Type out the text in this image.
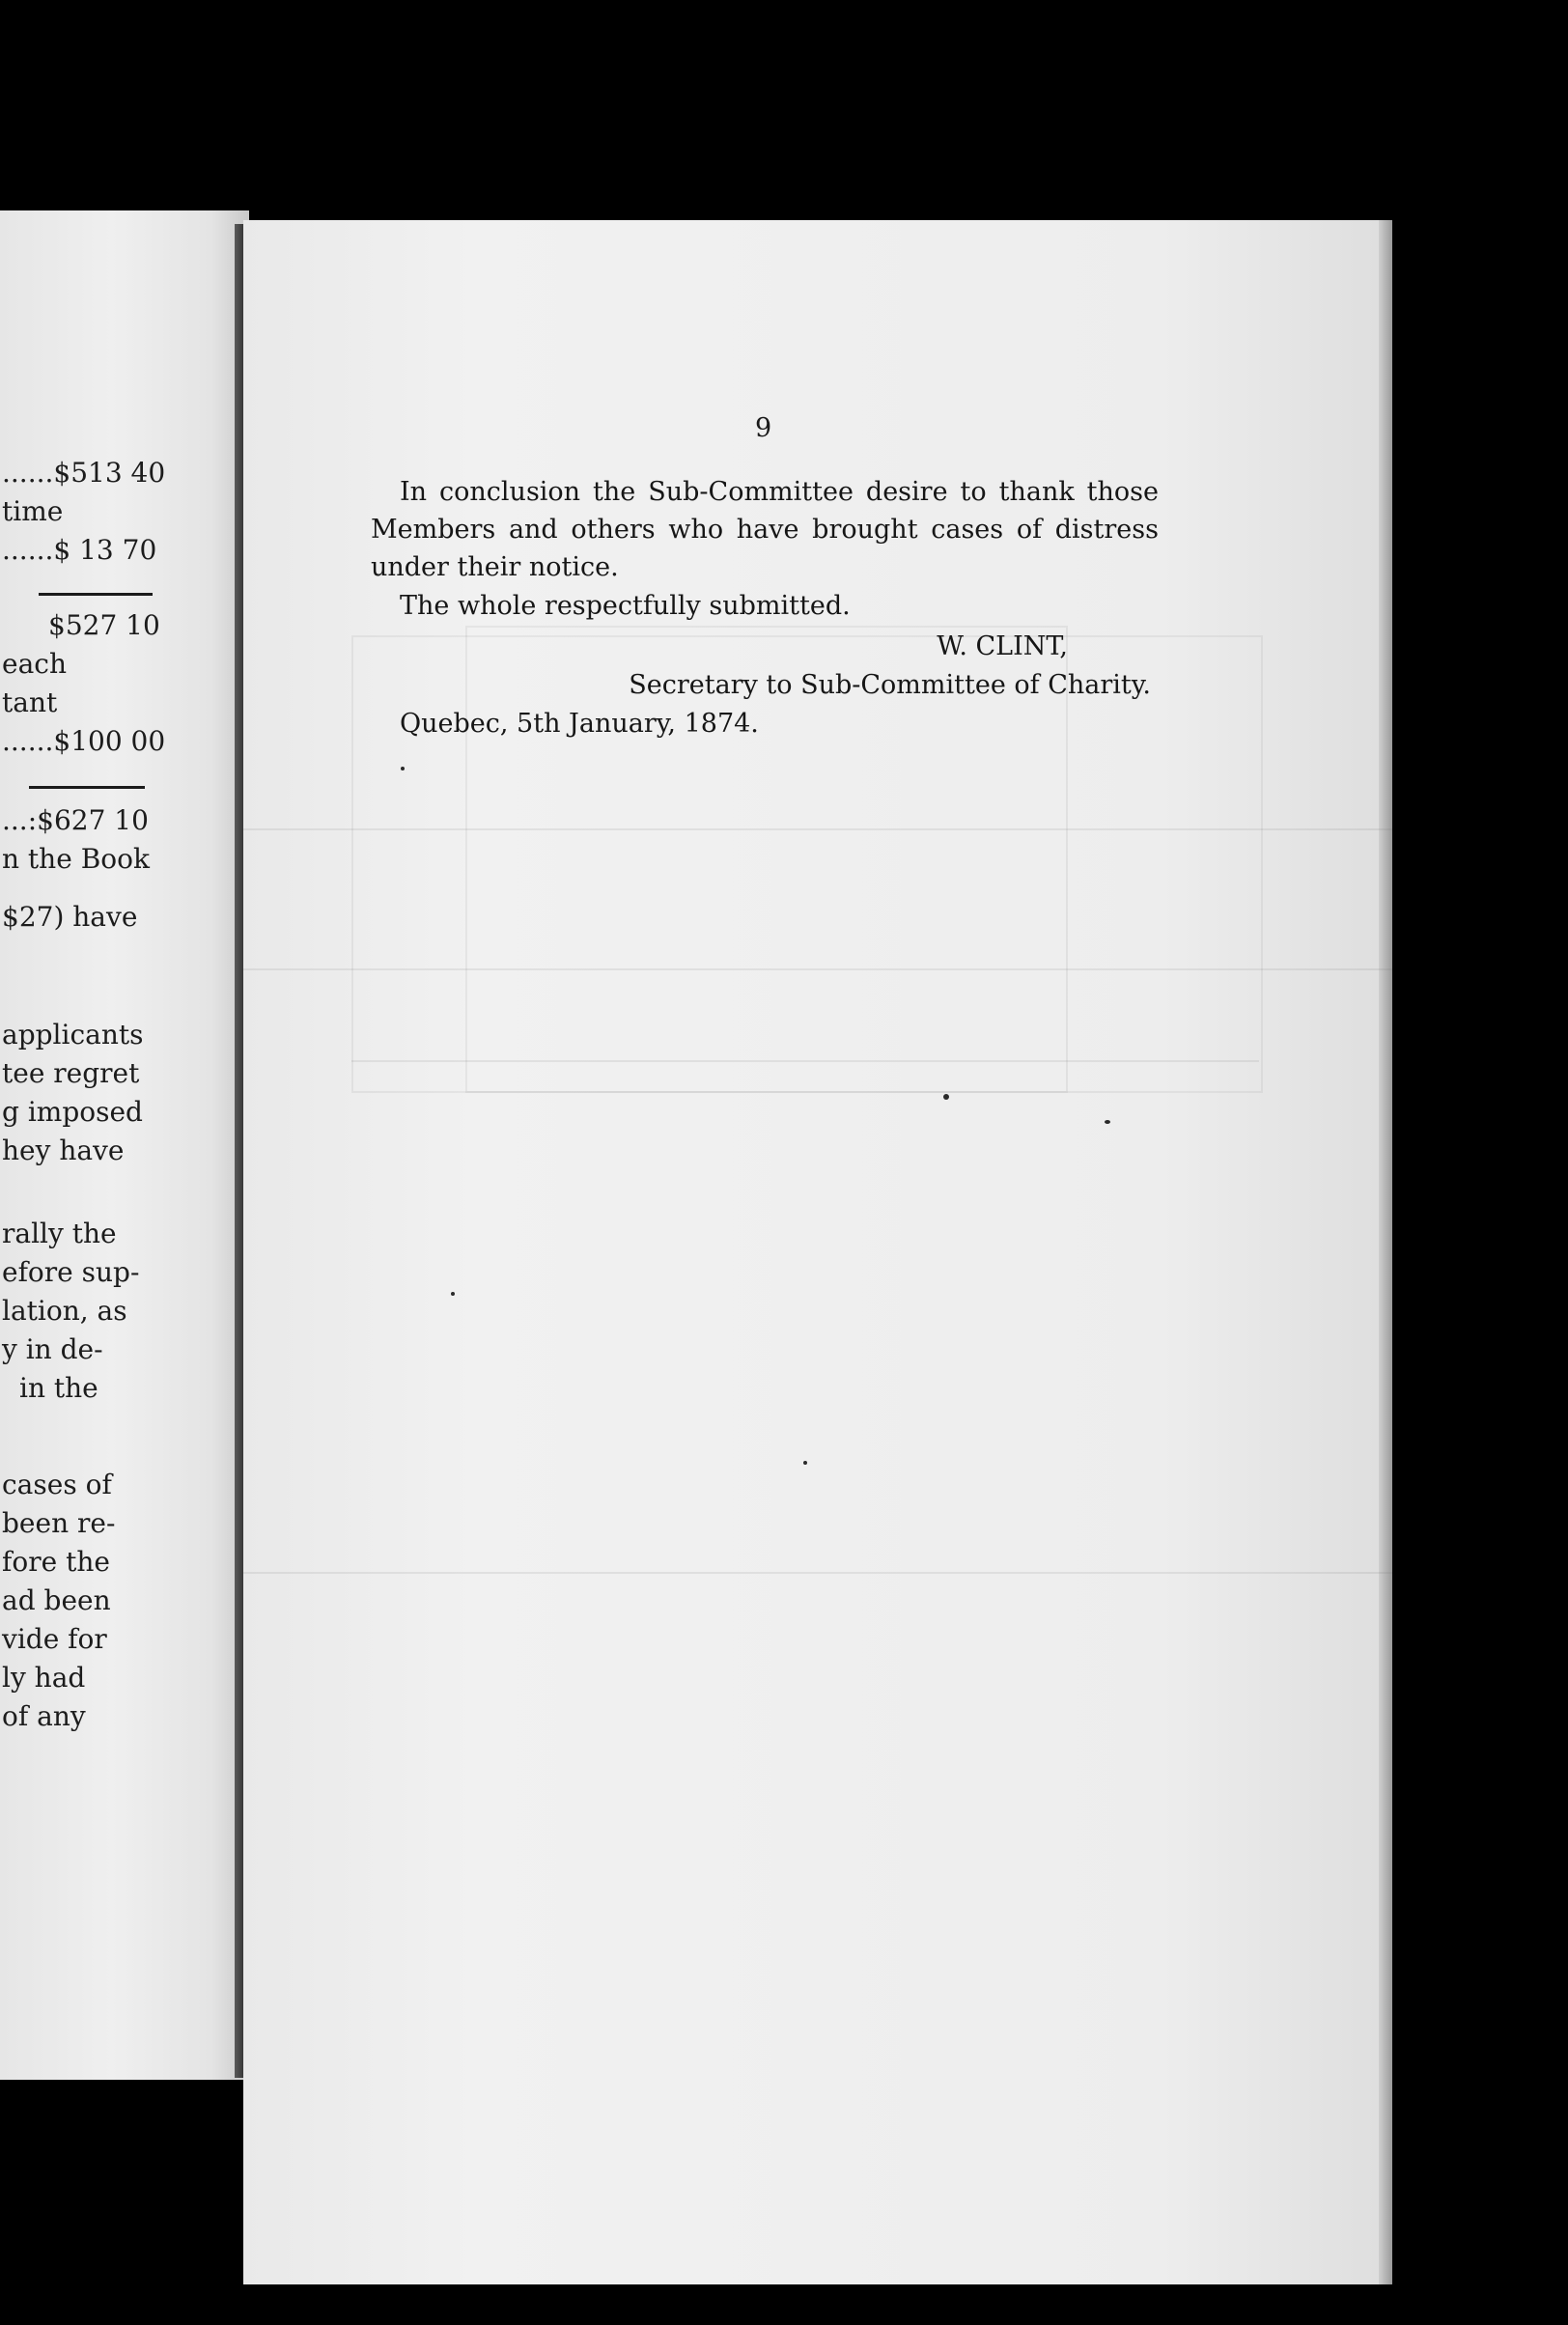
......$513 40
time
......$ 13 70
$527 10
each
tant
......$100 00
...:$627 10
n the Book
$27) have
applicants
tee regret
g imposed
hey have
rally the
efore sup-
lation, as
y in de-
in the
cases of
been re-
fore the
ad been
vide for
ly had
of any
9

In conclusion the Sub-Committee desire to thank those Members and others who have brought cases of distress under their notice.

The whole respectfully submitted.
W. CLINT,
Secretary to Sub-Committee of Charity.
Quebec, 5th January, 1874.
